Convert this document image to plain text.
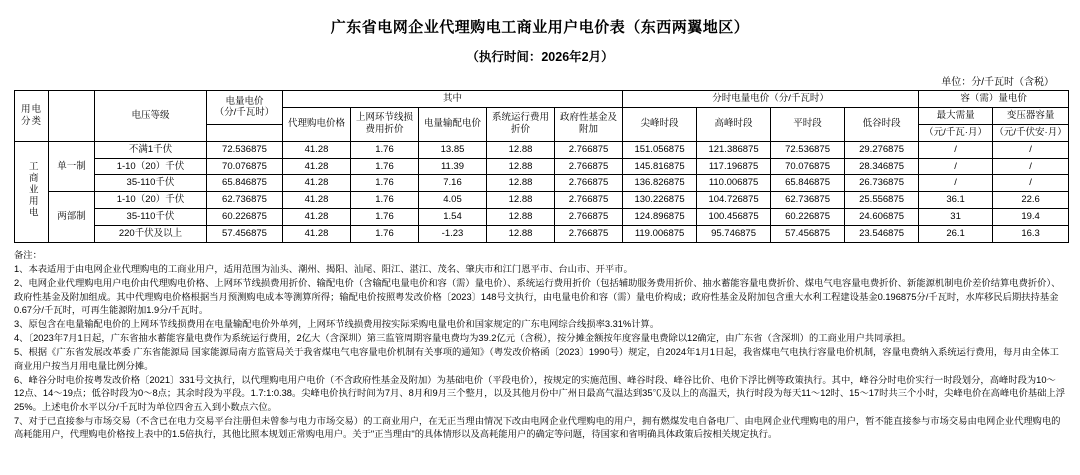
广东省电网企业代理购电工商业用户电价表（东西两翼地区）
（执行时间：2026年2月）
单位：分/千瓦时（含税）
用电分类		电压等级	电量电价
（分/千瓦时）	其中					分时电量电价（分/千瓦时）				容（需）量电价	
				代理购电价格	上网环节线损费用折价	电量输配电价	系统运行费用折价	政府性基金及附加	尖峰时段	高峰时段	平时段	低谷时段	最大需量	变压器容量
													（元/千瓦·月）	（元/千伏安·月）
工商业用电	单一制	不满1千伏	72.536875	41.28	1.76	13.85	12.88	2.766875	151.056875	121.386875	72.536875	29.276875	/	/
		1-10（20）千伏	70.076875	41.28	1.76	11.39	12.88	2.766875	145.816875	117.196875	70.076875	28.346875	/	/
		35-110千伏	65.846875	41.28	1.76	7.16	12.88	2.766875	136.826875	110.006875	65.846875	26.736875	/	/
	两部制	1-10（20）千伏	62.736875	41.28	1.76	4.05	12.88	2.766875	130.226875	104.726875	62.736875	25.556875	36.1	22.6
		35-110千伏	60.226875	41.28	1.76	1.54	12.88	2.766875	124.896875	100.456875	60.226875	24.606875	31	19.4
		220千伏及以上	57.456875	41.28	1.76	-1.23	12.88	2.766875	119.006875	95.746875	57.456875	23.546875	26.1	16.3
备注：
1、本表适用于由电网企业代理购电的工商业用户，适用范围为汕头、潮州、揭阳、汕尾、阳江、湛江、茂名、肇庆市和江门恩平市、台山市、开平市。
2、电网企业代理购电用户电价由代理购电价格、上网环节线损费用折价、输配电价（含输配电量电价和容（需）量电价）、系统运行费用折价（包括辅助服务费用折价、抽水蓄能容量电费折价、煤电气电容量电费折价、新能源机制电价差价结算电费折价）、政府性基金及附加组成。其中代理购电价格根据当月预测购电成本等测算所得；输配电价按照粤发改价格〔2023〕148号文执行，由电量电价和容（需）量电价构成；政府性基金及附加包含重大水利工程建设基金0.196875分/千瓦时，水库移民后期扶持基金0.67分/千瓦时，可再生能源附加1.9分/千瓦时。
3、原包含在电量输配电价的上网环节线损费用在电量输配电价外单列，上网环节线损费用按实际采购电量电价和国家规定的广东电网综合线损率3.31%计算。
4、〔2023年7月1日起，广东省抽水蓄能容量电费作为系统运行费用，2亿大（含深圳）第三监管周期容量电费均为39.2亿元（含税），按分摊金额按年度容量电费除以12确定，由广东省（含深圳）的工商业用户共同承担。
5、根据《广东省发展改革委 广东省能源局 国家能源局南方监管局关于我省煤电气电容量电价机制有关事项的通知》（粤发改价格函〔2023〕1990号）规定，自2024年1月1日起，我省煤电气电执行容量电价机制，容量电费纳入系统运行费用，每月由全体工商业用户按当月用电量比例分摊。
6、峰谷分时电价按粤发改价格〔2021〕331号文执行，以代理购电用户电价（不含政府性基金及附加）为基础电价（平段电价），按规定的实施范围、峰谷时段、峰谷比价、电价下浮比例等政策执行。其中，峰谷分时电价实行一时段划分，高峰时段为10～12点、14～19点；低谷时段为0～8点；其余时段为平段。1.7:1:0.38。尖峰电价执行时间为7月、8月和9月三个整月，以及其他月份中广州日最高气温达到35℃及以上的高温天，执行时段为每天11～12时、15～17时共三个小时，尖峰电价在高峰电价基础上浮25%。上述电价水平以分/千瓦时为单位四舍五入到小数点六位。
7、对于已直接参与市场交易（不含已在电力交易平台注册但未曾参与电力市场交易）的工商业用户，在无正当理由情况下改由电网企业代理购电的用户，拥有燃煤发电自备电厂、由电网企业代理购电的用户，暂不能直接参与市场交易由电网企业代理购电的高耗能用户，代理购电价格按上表中的1.5倍执行，其他比照本规划正常购电用户。关于"正当理由"的具体情形以及高耗能用户的确定等问题，待国家和省明确具体政策后按相关规定执行。
